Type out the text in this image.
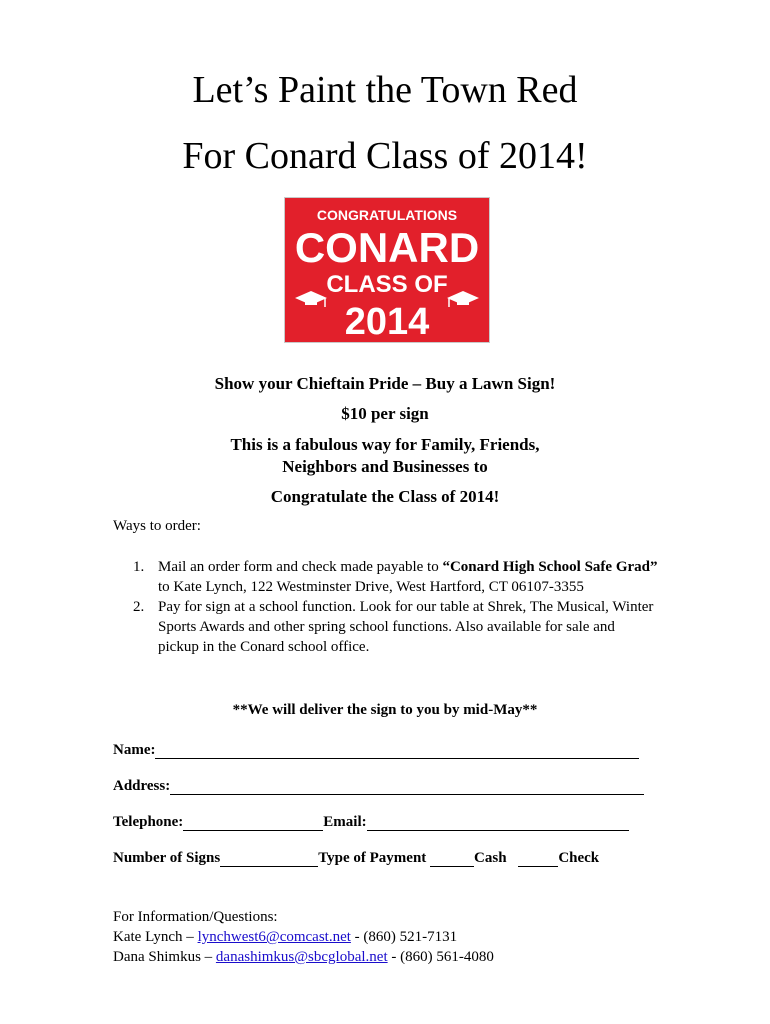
Let’s Paint the Town Red
For Conard Class of 2014!
CONGRATULATIONS
CONARD
CLASS OF
2014
Show your Chieftain Pride – Buy a Lawn Sign!
$10 per sign
This is a fabulous way for Family, Friends,
Neighbors and Businesses to
Congratulate the Class of 2014!
Ways to order:
1. Mail an order form and check made payable to “Conard High School Safe Grad” to Kate Lynch, 122 Westminster Drive, West Hartford, CT 06107-3355
2. Pay for sign at a school function. Look for our table at Shrek, The Musical, Winter Sports Awards and other spring school functions. Also available for sale and pickup in the Conard school office.
**We will deliver the sign to you by mid-May**
Name:
Address:
Telephone:	Email:
Number of Signs	Type of Payment	Cash	Check
For Information/Questions:
Kate Lynch – lynchwest6@comcast.net - (860) 521-7131
Dana Shimkus – danashimkus@sbcglobal.net - (860) 561-4080
